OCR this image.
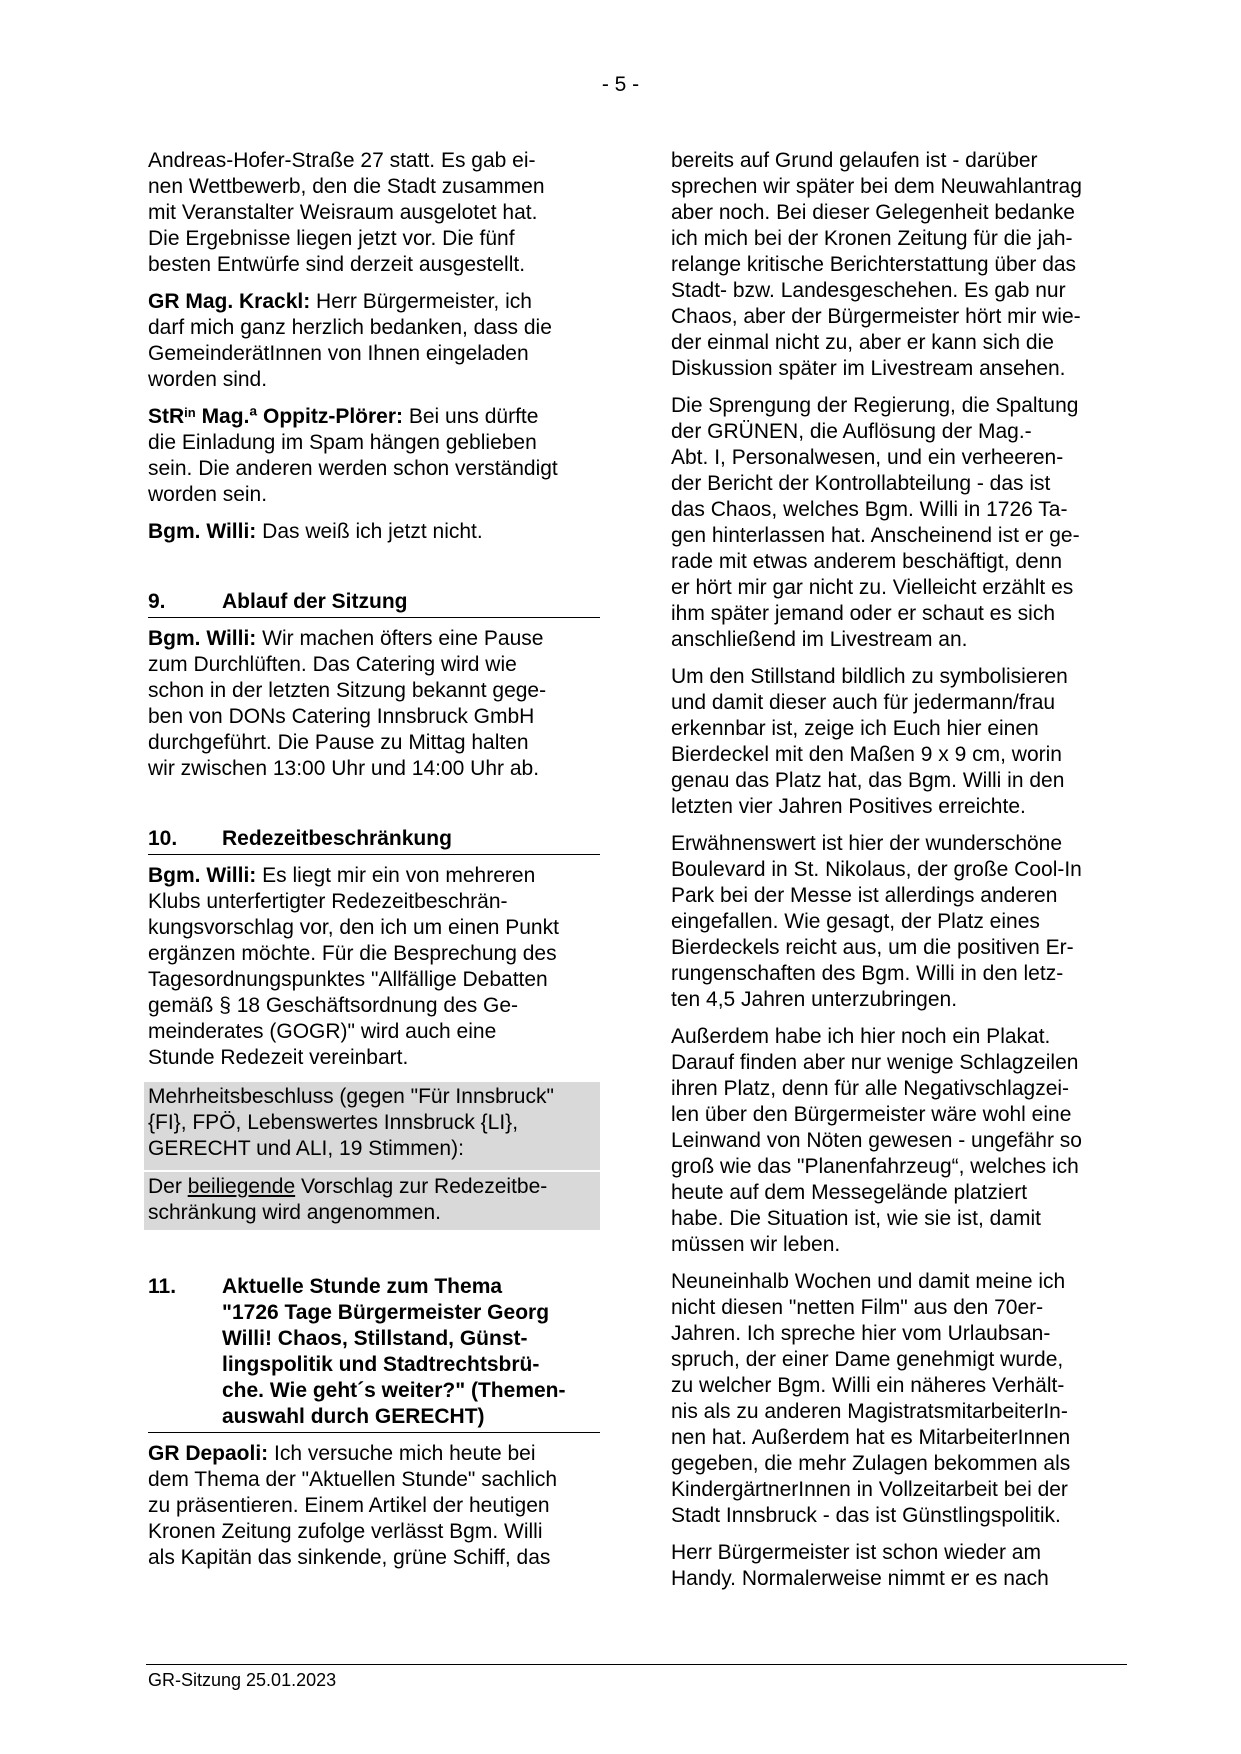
- 5 -

Andreas-Hofer-Straße 27 statt. Es gab ei-
nen Wettbewerb, den die Stadt zusammen
mit Veranstalter Weisraum ausgelotet hat.
Die Ergebnisse liegen jetzt vor. Die fünf
besten Entwürfe sind derzeit ausgestellt.

GR Mag. Krackl: Herr Bürgermeister, ich
darf mich ganz herzlich bedanken, dass die
GemeinderätInnen von Ihnen eingeladen
worden sind.

StR$^{in}$ Mag.ª Oppitz-Plörer: Bei uns dürfte
die Einladung im Spam hängen geblieben
sein. Die anderen werden schon verständigt
worden sein.

Bgm. Willi: Das weiß ich jetzt nicht.

9.	Ablauf der Sitzung

Bgm. Willi: Wir machen öfters eine Pause
zum Durchlüften. Das Catering wird wie
schon in der letzten Sitzung bekannt gege-
ben von DONs Catering Innsbruck GmbH
durchgeführt. Die Pause zu Mittag halten
wir zwischen 13:00 Uhr und 14:00 Uhr ab.

10.	Redezeitbeschränkung

Bgm. Willi: Es liegt mir ein von mehreren
Klubs unterfertigter Redezeitbeschrän-
kungsvorschlag vor, den ich um einen Punkt
ergänzen möchte. Für die Besprechung des
Tagesordnungspunktes "Allfällige Debatten
gemäß § 18 Geschäftsordnung des Ge-
meinderates (GOGR)" wird auch eine
Stunde Redezeit vereinbart.

Mehrheitsbeschluss (gegen "Für Innsbruck"
{FI}, FPÖ, Lebenswertes Innsbruck {LI},
GERECHT und ALI, 19 Stimmen):

Der beiliegende Vorschlag zur Redezeitbe-
schränkung wird angenommen.

11.	Aktuelle Stunde zum Thema
"1726 Tage Bürgermeister Georg
Willi! Chaos, Stillstand, Günst-
lingspolitik und Stadtrechtsbrü-
che. Wie geht´s weiter?" (Themen-
auswahl durch GERECHT)

GR Depaoli: Ich versuche mich heute bei
dem Thema der "Aktuellen Stunde" sachlich
zu präsentieren. Einem Artikel der heutigen
Kronen Zeitung zufolge verlässt Bgm. Willi
als Kapitän das sinkende, grüne Schiff, das

bereits auf Grund gelaufen ist - darüber
sprechen wir später bei dem Neuwahlantrag
aber noch. Bei dieser Gelegenheit bedanke
ich mich bei der Kronen Zeitung für die jah-
relange kritische Berichterstattung über das
Stadt- bzw. Landesgeschehen. Es gab nur
Chaos, aber der Bürgermeister hört mir wie-
der einmal nicht zu, aber er kann sich die
Diskussion später im Livestream ansehen.

Die Sprengung der Regierung, die Spaltung
der GRÜNEN, die Auflösung der Mag.-
Abt. I, Personalwesen, und ein verheeren-
der Bericht der Kontrollabteilung - das ist
das Chaos, welches Bgm. Willi in 1726 Ta-
gen hinterlassen hat. Anscheinend ist er ge-
rade mit etwas anderem beschäftigt, denn
er hört mir gar nicht zu. Vielleicht erzählt es
ihm später jemand oder er schaut es sich
anschließend im Livestream an.

Um den Stillstand bildlich zu symbolisieren
und damit dieser auch für jedermann/frau
erkennbar ist, zeige ich Euch hier einen
Bierdeckel mit den Maßen 9 x 9 cm, worin
genau das Platz hat, das Bgm. Willi in den
letzten vier Jahren Positives erreichte.

Erwähnenswert ist hier der wunderschöne
Boulevard in St. Nikolaus, der große Cool-In
Park bei der Messe ist allerdings anderen
eingefallen. Wie gesagt, der Platz eines
Bierdeckels reicht aus, um die positiven Er-
rungenschaften des Bgm. Willi in den letz-
ten 4,5 Jahren unterzubringen.

Außerdem habe ich hier noch ein Plakat.
Darauf finden aber nur wenige Schlagzeilen
ihren Platz, denn für alle Negativschlagzei-
len über den Bürgermeister wäre wohl eine
Leinwand von Nöten gewesen - ungefähr so
groß wie das "Planenfahrzeug“, welches ich
heute auf dem Messegelände platziert
habe. Die Situation ist, wie sie ist, damit
müssen wir leben.

Neuneinhalb Wochen und damit meine ich
nicht diesen "netten Film" aus den 70er-
Jahren. Ich spreche hier vom Urlaubsan-
spruch, der einer Dame genehmigt wurde,
zu welcher Bgm. Willi ein näheres Verhält-
nis als zu anderen MagistratsmitarbeiterIn-
nen hat. Außerdem hat es MitarbeiterInnen
gegeben, die mehr Zulagen bekommen als
KindergärtnerInnen in Vollzeitarbeit bei der
Stadt Innsbruck - das ist Günstlingspolitik.

Herr Bürgermeister ist schon wieder am
Handy. Normalerweise nimmt er es nach

GR-Sitzung 25.01.2023
